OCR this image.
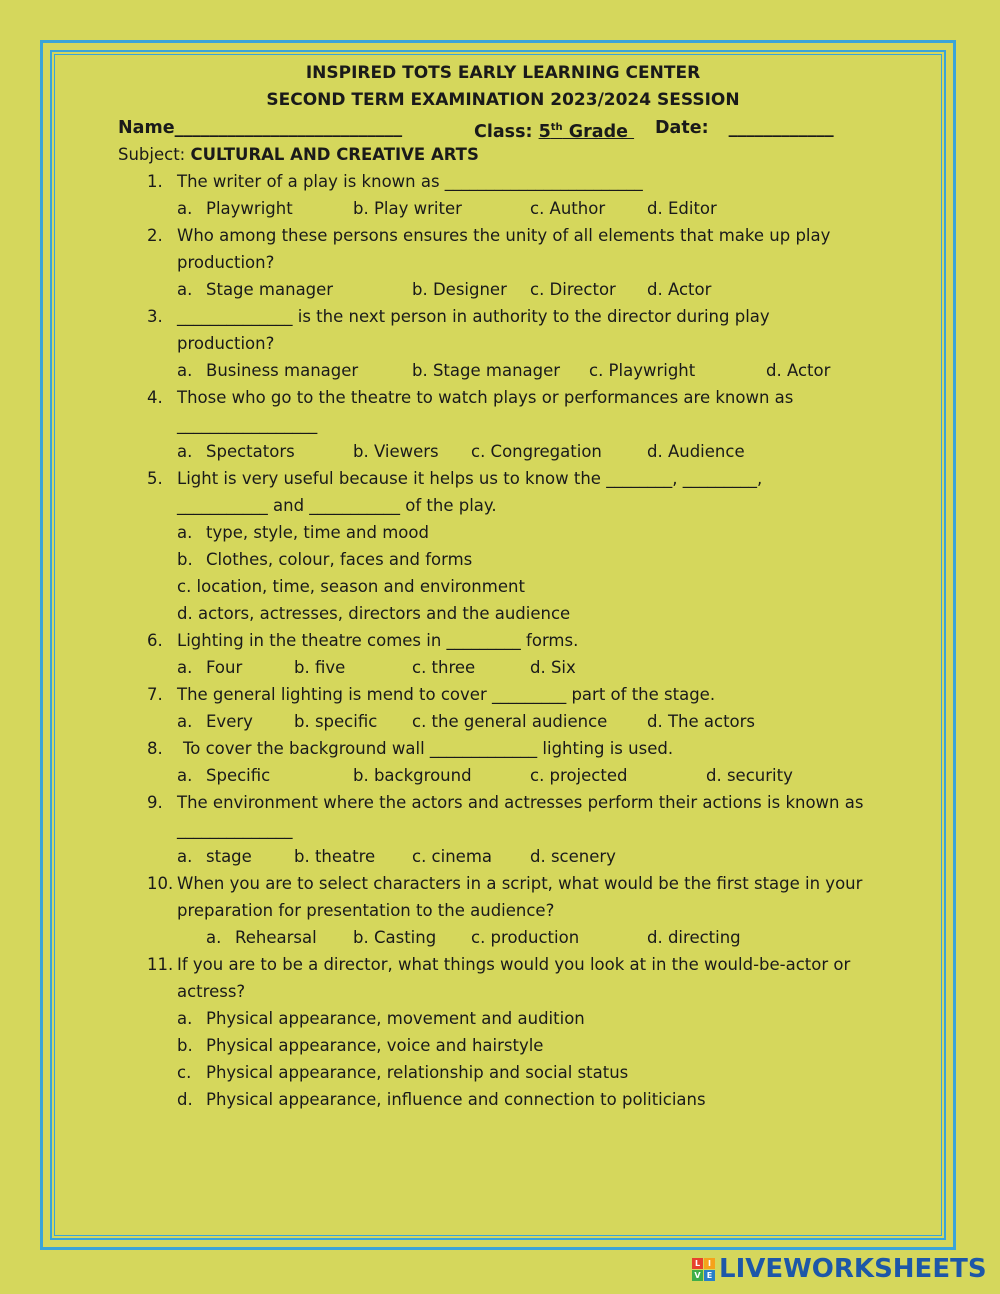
INSPIRED TOTS EARLY LEARNING CENTER
SECOND TERM EXAMINATION 2023/2024 SESSION
Name__________________________	Class: 5th Grade	Date: ____________
Subject: CULTURAL AND CREATIVE ARTS
1. The writer of a play is known as ________________________
a. Playwright	b. Play writer	c. Author	d. Editor
2. Who among these persons ensures the unity of all elements that make up play
production?
a. Stage manager	b. Designer c. Director d. Actor
3. ______________ is the next person in authority to the director during play
production?
a. Business manager	b. Stage manager c. Playwright	d. Actor
4. Those who go to the theatre to watch plays or performances are known as
_________________
a. Spectators	b. Viewers c. Congregation	d. Audience
5. Light is very useful because it helps us to know the ________, _________,
___________ and ___________ of the play.
a. type, style, time and mood
b. Clothes, colour, faces and forms
c. location, time, season and environment
d. actors, actresses, directors and the audience
6. Lighting in the theatre comes in _________ forms.
a. Four	b. five	c. three	d. Six
7. The general lighting is mend to cover _________ part of the stage.
a. Every b. specific c. the general audience d. The actors
8. To cover the background wall _____________ lighting is used.
a. Specific	b. background	c. projected	d. security
9. The environment where the actors and actresses perform their actions is known as
______________
a. stage	b. theatre c. cinema d. scenery
10. When you are to select characters in a script, what would be the first stage in your
preparation for presentation to the audience?
a. Rehearsal b. Casting c. production	d. directing
11. If you are to be a director, what things would you look at in the would-be-actor or
actress?
a. Physical appearance, movement and audition
b. Physical appearance, voice and hairstyle
c. Physical appearance, relationship and social status
d. Physical appearance, influence and connection to politicians
L I
V E LIVEWORKSHEETS
